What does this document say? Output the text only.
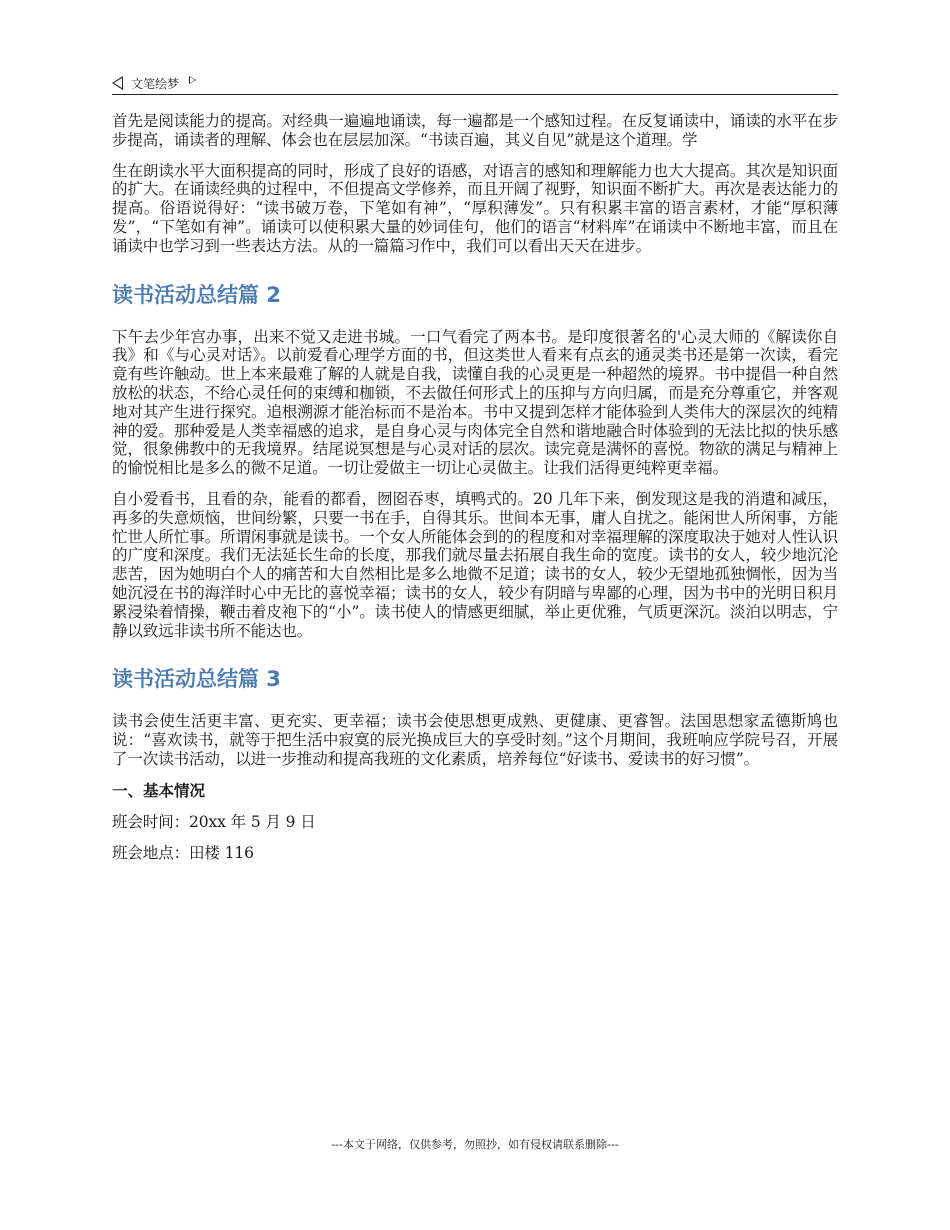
文笔绘梦

首先是阅读能力的提高。对经典一遍遍地诵读，每一遍都是一个感知过程。在反复诵读中，诵读的水平在步步提高，诵读者的理解、体会也在层层加深。“书读百遍，其义自见”就是这个道理。学

生在朗读水平大面积提高的同时，形成了良好的语感，对语言的感知和理解能力也大大提高。其次是知识面的扩大。在诵读经典的过程中，不但提高文学修养，而且开阔了视野，知识面不断扩大。再次是表达能力的提高。俗语说得好：“读书破万卷，下笔如有神”，“厚积薄发”。只有积累丰富的语言素材，才能“厚积薄发”，“下笔如有神”。诵读可以使积累大量的妙词佳句，他们的语言“材料库”在诵读中不断地丰富，而且在诵读中也学习到一些表达方法。从的一篇篇习作中，我们可以看出天天在进步。

读书活动总结篇 2

下午去少年宫办事，出来不觉又走进书城。一口气看完了两本书。是印度很著名的'心灵大师的《解读你自我》和《与心灵对话》。以前爱看心理学方面的书，但这类世人看来有点玄的通灵类书还是第一次读，看完竟有些许触动。世上本来最难了解的人就是自我，读懂自我的心灵更是一种超然的境界。书中提倡一种自然放松的状态，不给心灵任何的束缚和枷锁，不去做任何形式上的压抑与方向归属，而是充分尊重它，并客观地对其产生进行探究。追根溯源才能治标而不是治本。书中又提到怎样才能体验到人类伟大的深层次的纯精神的爱。那种爱是人类幸福感的追求，是自身心灵与肉体完全自然和谐地融合时体验到的无法比拟的快乐感觉，很象佛教中的无我境界。结尾说冥想是与心灵对话的层次。读完竟是满怀的喜悦。物欲的满足与精神上的愉悦相比是多么的微不足道。一切让爱做主一切让心灵做主。让我们活得更纯粹更幸福。

自小爱看书，且看的杂，能看的都看，囫囵吞枣，填鸭式的。20 几年下来，倒发现这是我的消遣和减压，再多的失意烦恼，世间纷繁，只要一书在手，自得其乐。世间本无事，庸人自扰之。能闲世人所闲事，方能忙世人所忙事。所谓闲事就是读书。一个女人所能体会到的的程度和对幸福理解的深度取决于她对人性认识的广度和深度。我们无法延长生命的长度，那我们就尽量去拓展自我生命的宽度。读书的女人，较少地沉沦悲苦，因为她明白个人的痛苦和大自然相比是多么地微不足道；读书的女人，较少无望地孤独惆怅，因为当她沉浸在书的海洋时心中无比的喜悦幸福；读书的女人，较少有阴暗与卑鄙的心理，因为书中的光明日积月累浸染着情操，鞭击着皮袍下的“小”。读书使人的情感更细腻，举止更优雅，气质更深沉。淡泊以明志，宁静以致远非读书所不能达也。

读书活动总结篇 3

读书会使生活更丰富、更充实、更幸福；读书会使思想更成熟、更健康、更睿智。法国思想家孟德斯鸠也说：“喜欢读书，就等于把生活中寂寞的辰光换成巨大的享受时刻。”这个月期间，我班响应学院号召，开展了一次读书活动，以进一步推动和提高我班的文化素质，培养每位“好读书、爱读书的好习惯”。

一、基本情况

班会时间：20xx 年 5 月 9 日

班会地点：田楼 116

---本文于网络，仅供参考，勿照抄，如有侵权请联系删除---
